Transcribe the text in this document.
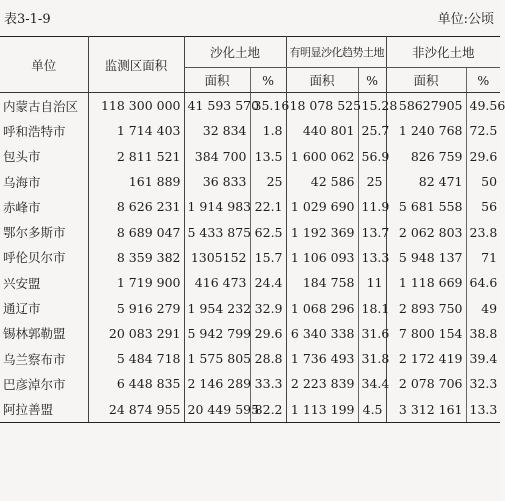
表3-1-9	单位:公顷
单位	监测区面积	沙化土地		有明显沙化趋势土地		非沙化土地	
		面积	%	面积	%	面积	%
内蒙古自治区	118 300 000	41 593 570	35.16	18 078 525	15.28	58627905	49.56
呼和浩特市	1 714 403	32 834	1.8	440 801	25.7	1 240 768	72.5
包头市	2 811 521	384 700	13.5	1 600 062	56.9	826 759	29.6
乌海市	161 889	36 833	25	42 586	25	82 471	50
赤峰市	8 626 231	1 914 983	22.1	1 029 690	11.9	5 681 558	56
鄂尔多斯市	8 689 047	5 433 875	62.5	1 192 369	13.7	2 062 803	23.8
呼伦贝尔市	8 359 382	1305152	15.7	1 106 093	13.3	5 948 137	71
兴安盟	1 719 900	416 473	24.4	184 758	11	1 118 669	64.6
通辽市	5 916 279	1 954 232	32.9	1 068 296	18.1	2 893 750	49
锡林郭勒盟	20 083 291	5 942 799	29.6	6 340 338	31.6	7 800 154	38.8
乌兰察布市	5 484 718	1 575 805	28.8	1 736 493	31.8	2 172 419	39.4
巴彦淖尔市	6 448 835	2 146 289	33.3	2 223 839	34.4	2 078 706	32.3
阿拉善盟	24 874 955	20 449 595	82.2	1 113 199	4.5	3 312 161	13.3
